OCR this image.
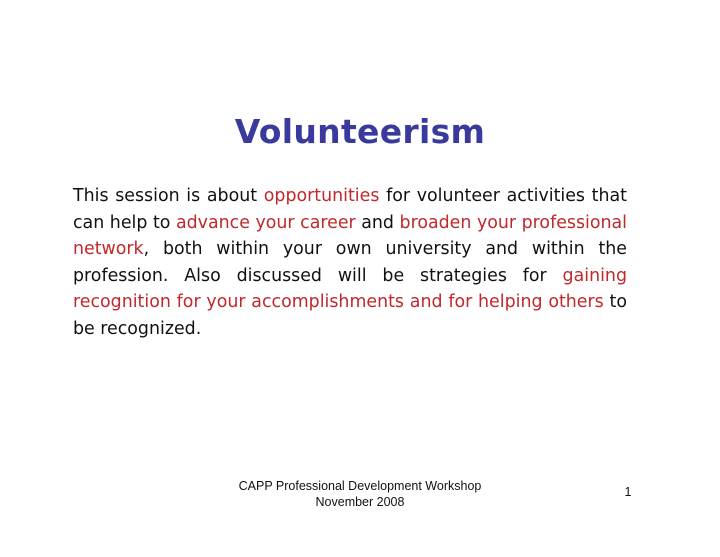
Volunteerism

This session is about opportunities for volunteer activities that can help to advance your career and broaden your professional network, both within your own university and within the profession. Also discussed will be strategies for gaining recognition for your accomplishments and for helping others to be recognized.

CAPP Professional Development Workshop
November 2008
1
